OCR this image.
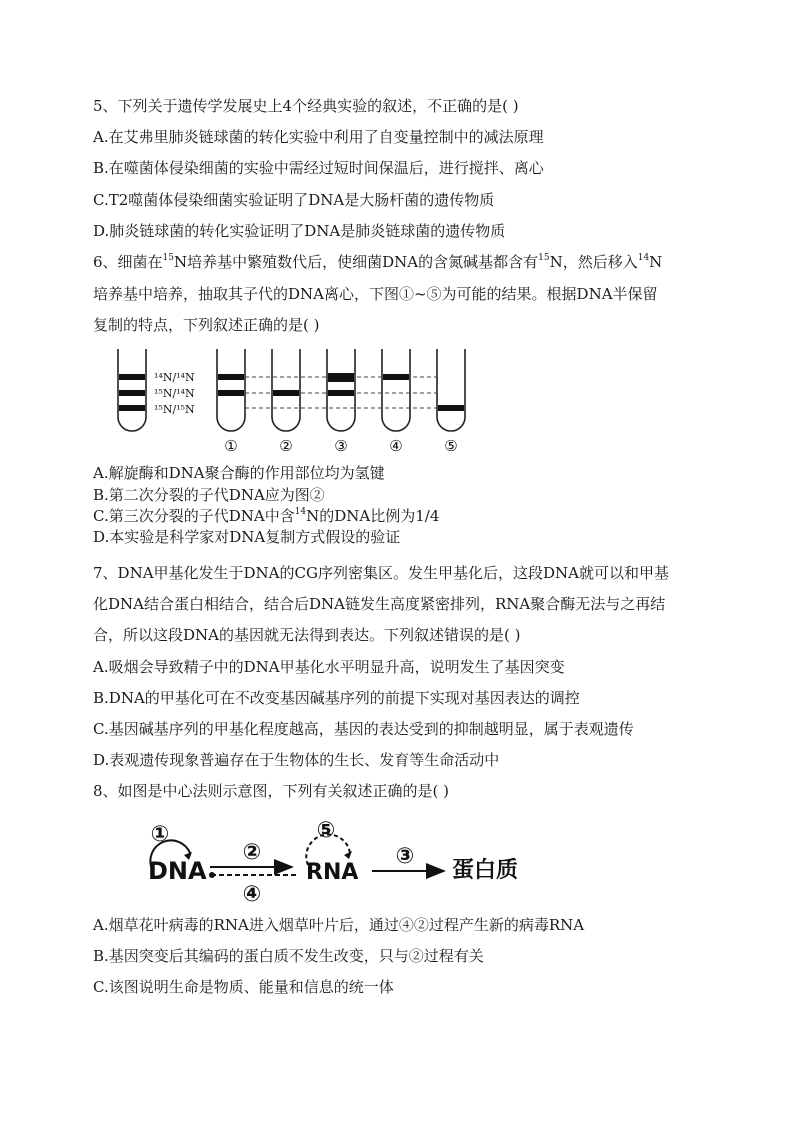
5、下列关于遗传学发展史上4个经典实验的叙述，不正确的是( )
A.在艾弗里肺炎链球菌的转化实验中利用了自变量控制中的减法原理
B.在噬菌体侵染细菌的实验中需经过短时间保温后，进行搅拌、离心
C.T2噬菌体侵染细菌实验证明了DNA是大肠杆菌的遗传物质
D.肺炎链球菌的转化实验证明了DNA是肺炎链球菌的遗传物质
6、细菌在$^{15}$N培养基中繁殖数代后，使细菌DNA的含氮碱基都含有$^{15}$N，然后移入$^{14}$N
培养基中培养，抽取其子代的DNA离心，下图①~⑤为可能的结果。根据DNA半保留
复制的特点，下列叙述正确的是( )
¹⁴N/¹⁴N
¹⁵N/¹⁴N
¹⁵N/¹⁵N
①	②	③	④	⑤
A.解旋酶和DNA聚合酶的作用部位均为氢键
B.第二次分裂的子代DNA应为图②
C.第三次分裂的子代DNA中含$^{14}$N的DNA比例为1/4
D.本实验是科学家对DNA复制方式假设的验证
7、DNA甲基化发生于DNA的CG序列密集区。发生甲基化后，这段DNA就可以和甲基
化DNA结合蛋白相结合，结合后DNA链发生高度紧密排列，RNA聚合酶无法与之再结
合，所以这段DNA的基因就无法得到表达。下列叙述错误的是( )
A.吸烟会导致精子中的DNA甲基化水平明显升高，说明发生了基因突变
B.DNA的甲基化可在不改变基因碱基序列的前提下实现对基因表达的调控
C.基因碱基序列的甲基化程度越高，基因的表达受到的抑制越明显，属于表观遗传
D.表观遗传现象普遍存在于生物体的生长、发育等生命活动中
8、如图是中心法则示意图，下列有关叙述正确的是( )
①
②
⑤
③
④
DNA	RNA	蛋白质
A.烟草花叶病毒的RNA进入烟草叶片后，通过④②过程产生新的病毒RNA
B.基因突变后其编码的蛋白质不发生改变，只与②过程有关
C.该图说明生命是物质、能量和信息的统一体
